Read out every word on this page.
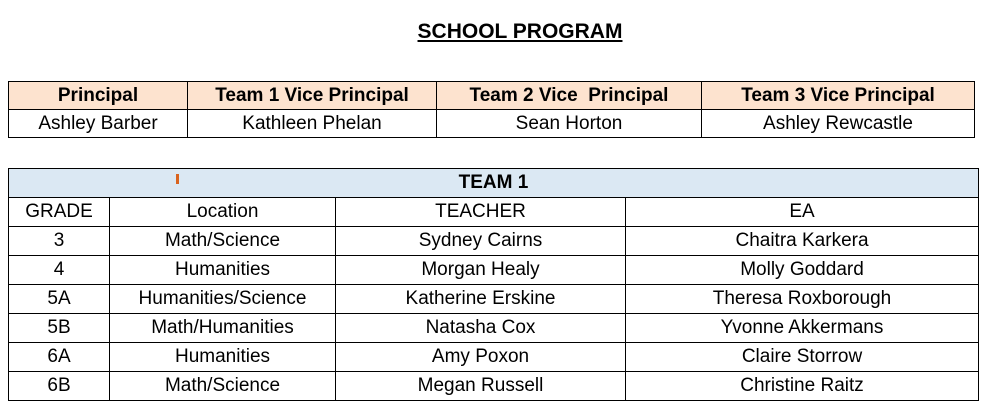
SCHOOL PROGRAM
Principal	Team 1 Vice Principal	Team 2 Vice  Principal	Team 3 Vice Principal
Ashley Barber	Kathleen Phelan	Sean Horton	Ashley Rewcastle
TEAM 1			
GRADE	Location	TEACHER	EA
3	Math/Science	Sydney Cairns	Chaitra Karkera
4	Humanities	Morgan Healy	Molly Goddard
5A	Humanities/Science	Katherine Erskine	Theresa Roxborough
5B	Math/Humanities	Natasha Cox	Yvonne Akkermans
6A	Humanities	Amy Poxon	Claire Storrow
6B	Math/Science	Megan Russell	Christine Raitz
